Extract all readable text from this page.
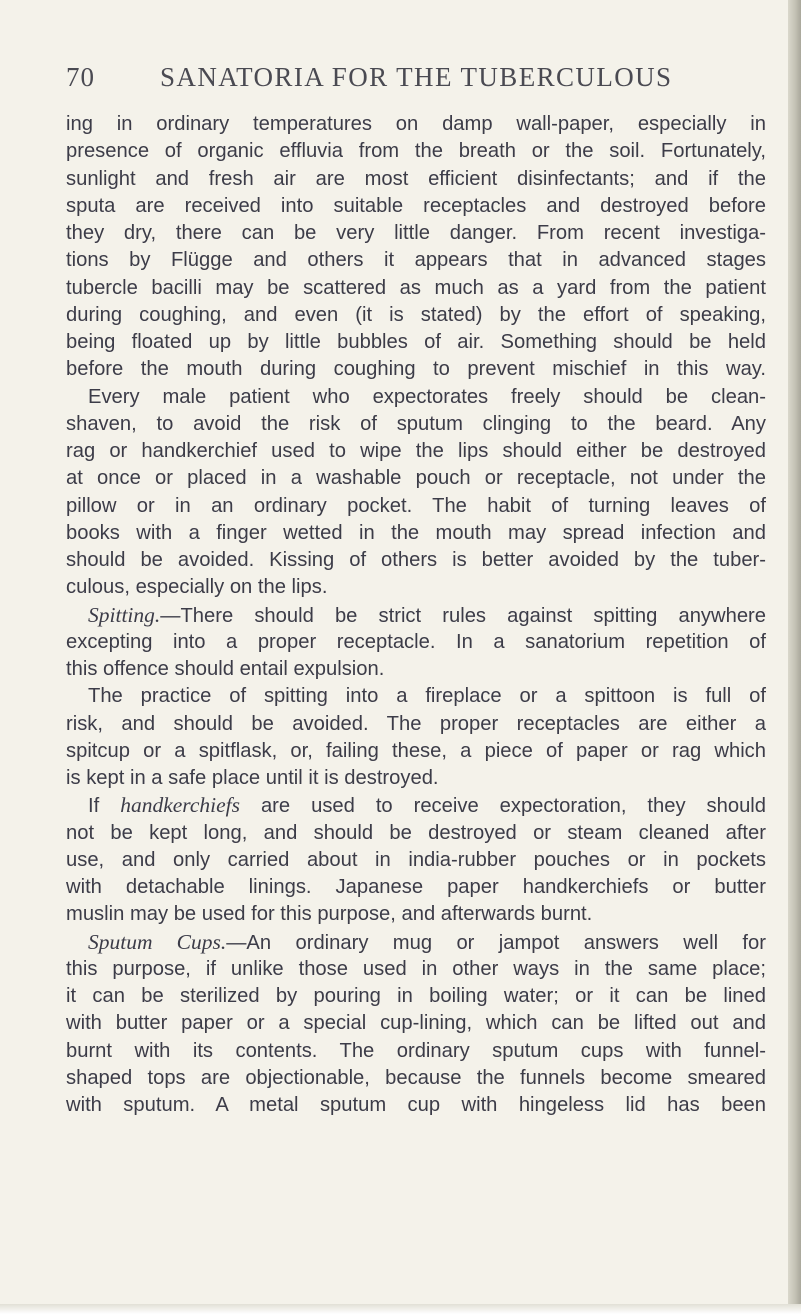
70 SANATORIA FOR THE TUBERCULOUS
ing in ordinary temperatures on damp wall-paper, especially in
presence of organic effluvia from the breath or the soil. Fortunately,
sunlight and fresh air are most efficient disinfectants; and if the
sputa are received into suitable receptacles and destroyed before
they dry, there can be very little danger. From recent investiga-
tions by Flügge and others it appears that in advanced stages
tubercle bacilli may be scattered as much as a yard from the patient
during coughing, and even (it is stated) by the effort of speaking,
being floated up by little bubbles of air. Something should be held
before the mouth during coughing to prevent mischief in this way.
Every male patient who expectorates freely should be clean-
shaven, to avoid the risk of sputum clinging to the beard. Any
rag or handkerchief used to wipe the lips should either be destroyed
at once or placed in a washable pouch or receptacle, not under the
pillow or in an ordinary pocket. The habit of turning leaves of
books with a finger wetted in the mouth may spread infection and
should be avoided. Kissing of others is better avoided by the tuber-
culous, especially on the lips.
Spitting.—There should be strict rules against spitting anywhere
excepting into a proper receptacle. In a sanatorium repetition of
this offence should entail expulsion.
The practice of spitting into a fireplace or a spittoon is full of
risk, and should be avoided. The proper receptacles are either a
spitcup or a spitflask, or, failing these, a piece of paper or rag which
is kept in a safe place until it is destroyed.
If handkerchiefs are used to receive expectoration, they should
not be kept long, and should be destroyed or steam cleaned after
use, and only carried about in india-rubber pouches or in pockets
with detachable linings. Japanese paper handkerchiefs or butter
muslin may be used for this purpose, and afterwards burnt.
Sputum Cups.—An ordinary mug or jampot answers well for
this purpose, if unlike those used in other ways in the same place;
it can be sterilized by pouring in boiling water; or it can be lined
with butter paper or a special cup-lining, which can be lifted out and
burnt with its contents. The ordinary sputum cups with funnel-
shaped tops are objectionable, because the funnels become smeared
with sputum. A metal sputum cup with hingeless lid has been
